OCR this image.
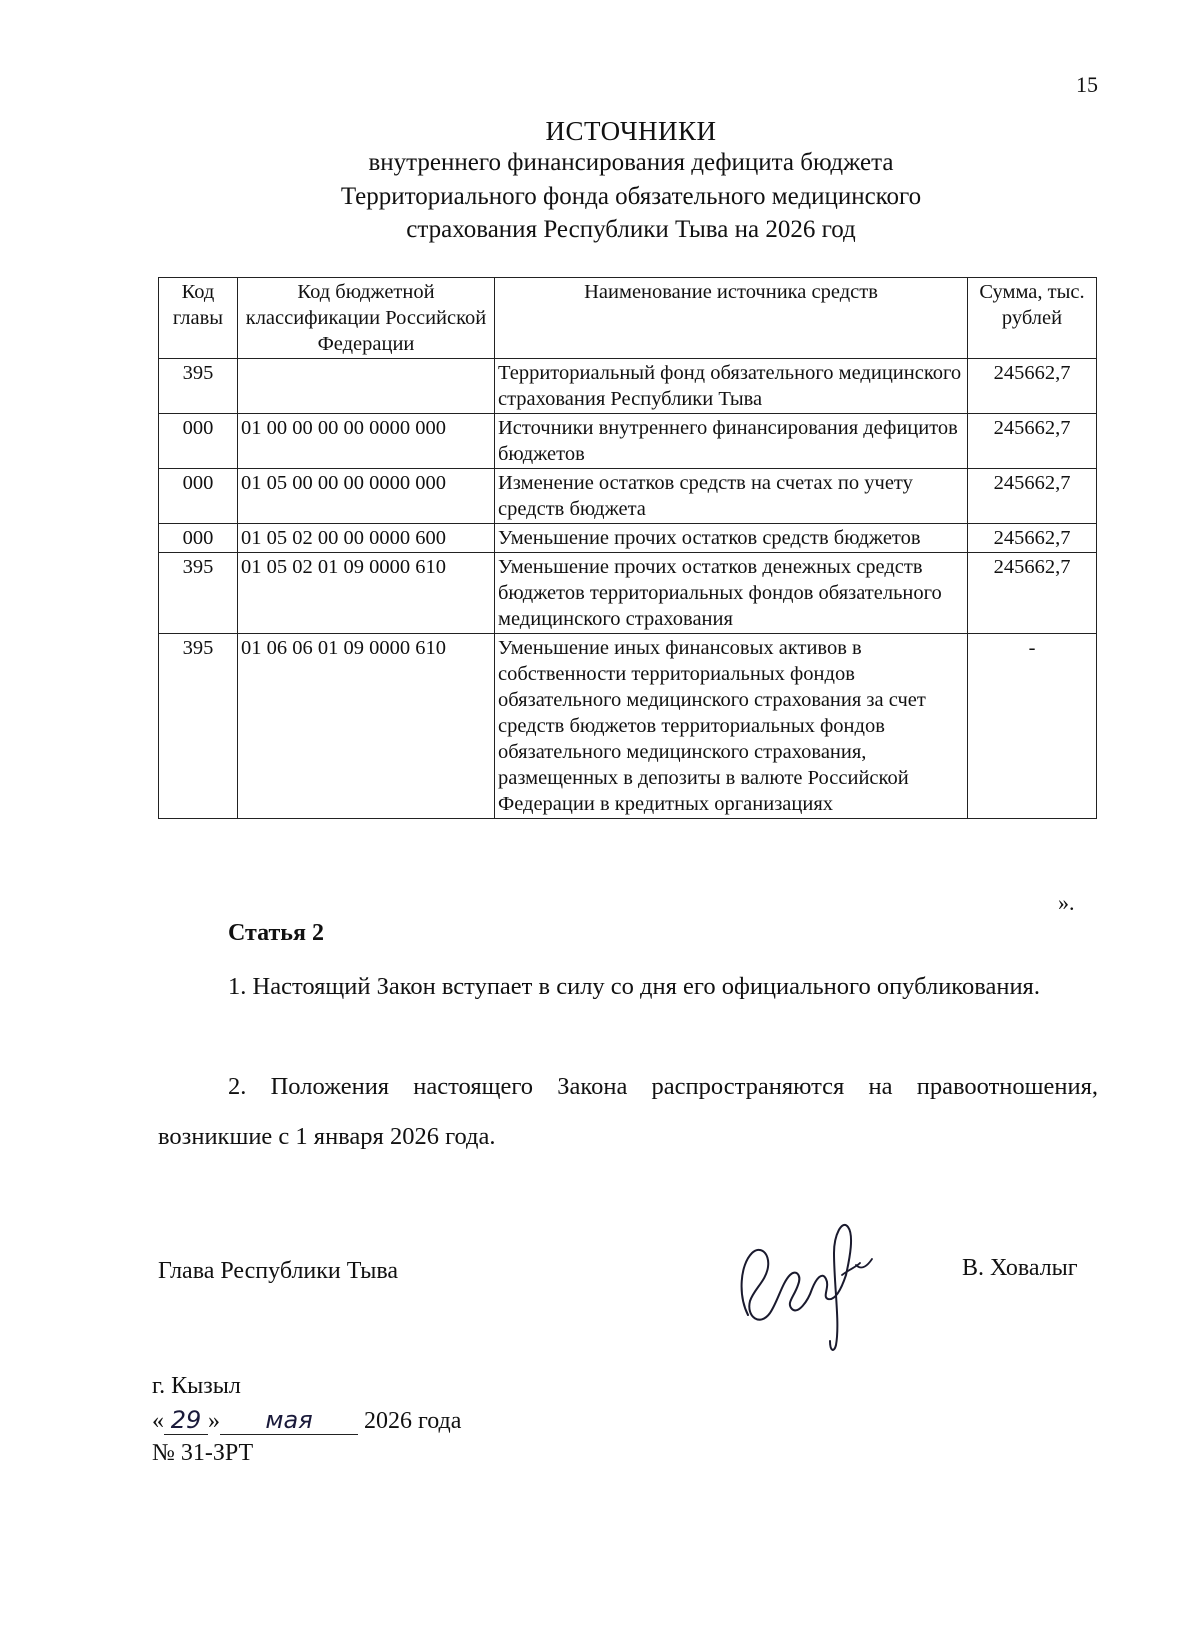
15
ИСТОЧНИКИ
внутреннего финансирования дефицита бюджета
Территориального фонда обязательного медицинского
страхования Республики Тыва на 2026 год
Код главы	Код бюджетной классификации Российской Федерации	Наименование источника средств	Сумма, тыс. рублей
395		Территориальный фонд обязательного медицинского страхования Республики Тыва	245662,7
000	01 00 00 00 00 0000 000	Источники внутреннего финансирования дефицитов бюджетов	245662,7
000	01 05 00 00 00 0000 000	Изменение остатков средств на счетах по учету средств бюджета	245662,7
000	01 05 02 00 00 0000 600	Уменьшение прочих остатков средств бюджетов	245662,7
395	01 05 02 01 09 0000 610	Уменьшение прочих остатков денежных средств бюджетов территориальных фондов обязательного медицинского страхования	245662,7
395	01 06 06 01 09 0000 610	Уменьшение иных финансовых активов в собственности территориальных фондов обязательного медицинского страхования за счет средств бюджетов территориальных фондов обязательного медицинского страхования, размещенных в депозиты в валюте Российской Федерации в кредитных организациях	-
».
Статья 2
1. Настоящий Закон вступает в силу со дня его официального опубликования.
2. Положения настоящего Закона распространяются на правоотношения, возникшие с 1 января 2026 года.
Глава Республики Тыва	В. Ховалыг
г. Кызыл
« 29 » мая 2026 года
№ 31-ЗРТ
